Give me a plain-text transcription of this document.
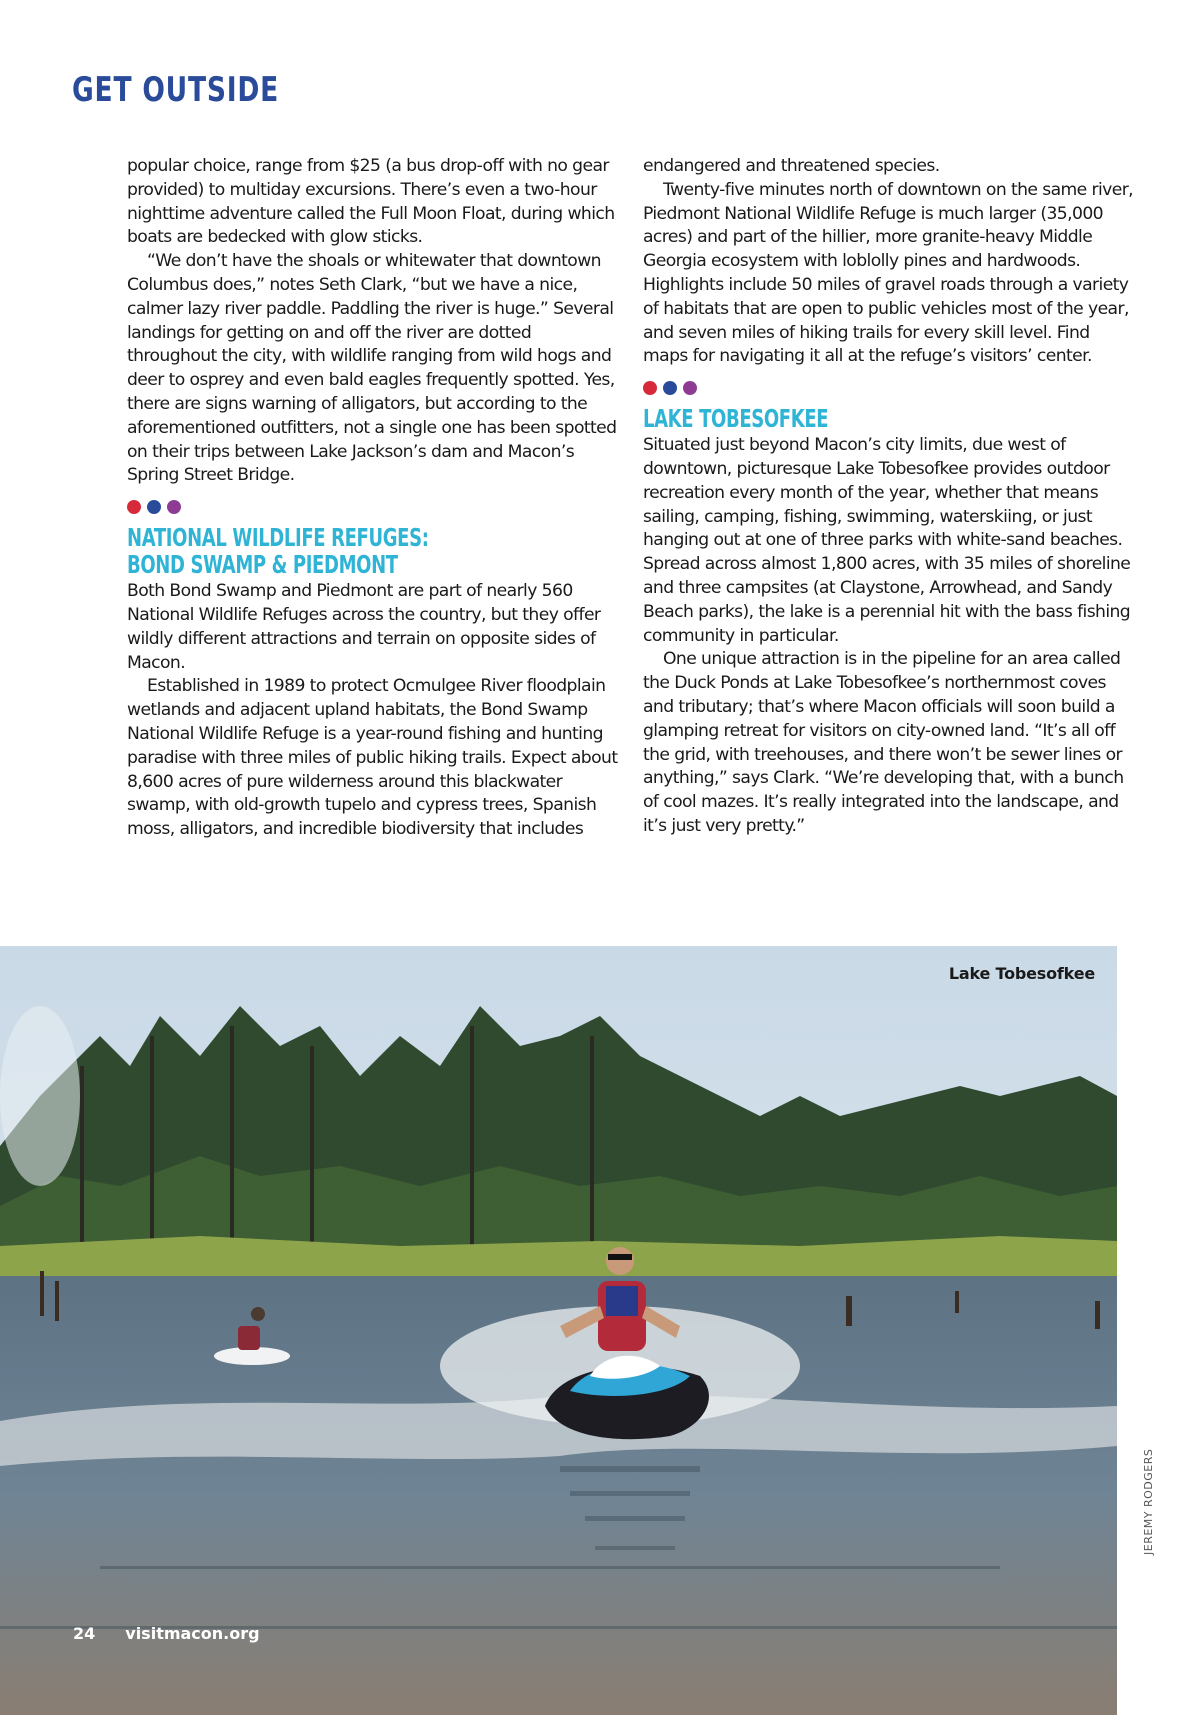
GET OUTSIDE

popular choice, range from $25 (a bus drop-off with no gear provided) to multiday excursions. There’s even a two-hour nighttime adventure called the Full Moon Float, during which boats are bedecked with glow sticks.

“We don’t have the shoals or whitewater that downtown Columbus does,” notes Seth Clark, “but we have a nice, calmer lazy river paddle. Paddling the river is huge.” Several landings for getting on and off the river are dotted throughout the city, with wildlife ranging from wild hogs and deer to osprey and even bald eagles frequently spotted. Yes, there are signs warning of alligators, but according to the aforementioned outfitters, not a single one has been spotted on their trips between Lake Jackson’s dam and Macon’s Spring Street Bridge.

NATIONAL WILDLIFE REFUGES:
BOND SWAMP & PIEDMONT

Both Bond Swamp and Piedmont are part of nearly 560 National Wildlife Refuges across the country, but they offer wildly different attractions and terrain on opposite sides of Macon.

Established in 1989 to protect Ocmulgee River floodplain wetlands and adjacent upland habitats, the Bond Swamp National Wildlife Refuge is a year-round fishing and hunting paradise with three miles of public hiking trails. Expect about 8,600 acres of pure wilderness around this blackwater swamp, with old-growth tupelo and cypress trees, Spanish moss, alligators, and incredible biodiversity that includes

endangered and threatened species.

Twenty-five minutes north of downtown on the same river, Piedmont National Wildlife Refuge is much larger (35,000 acres) and part of the hillier, more granite-heavy Middle Georgia ecosystem with loblolly pines and hardwoods. Highlights include 50 miles of gravel roads through a variety of habitats that are open to public vehicles most of the year, and seven miles of hiking trails for every skill level. Find maps for navigating it all at the refuge’s visitors’ center.

LAKE TOBESOFKEE

Situated just beyond Macon’s city limits, due west of downtown, picturesque Lake Tobesofkee provides outdoor recreation every month of the year, whether that means sailing, camping, fishing, swimming, waterskiing, or just hanging out at one of three parks with white-sand beaches. Spread across almost 1,800 acres, with 35 miles of shoreline and three campsites (at Claystone, Arrowhead, and Sandy Beach parks), the lake is a perennial hit with the bass fishing community in particular.

One unique attraction is in the pipeline for an area called the Duck Ponds at Lake Tobesofkee’s northernmost coves and tributary; that’s where Macon officials will soon build a glamping retreat for visitors on city-owned land. “It’s all off the grid, with treehouses, and there won’t be sewer lines or anything,” says Clark. “We’re developing that, with a bunch of cool mazes. It’s really integrated into the landscape, and it’s just very pretty.”

Lake Tobesofkee
JEREMY RODGERS
24 visitmacon.org
